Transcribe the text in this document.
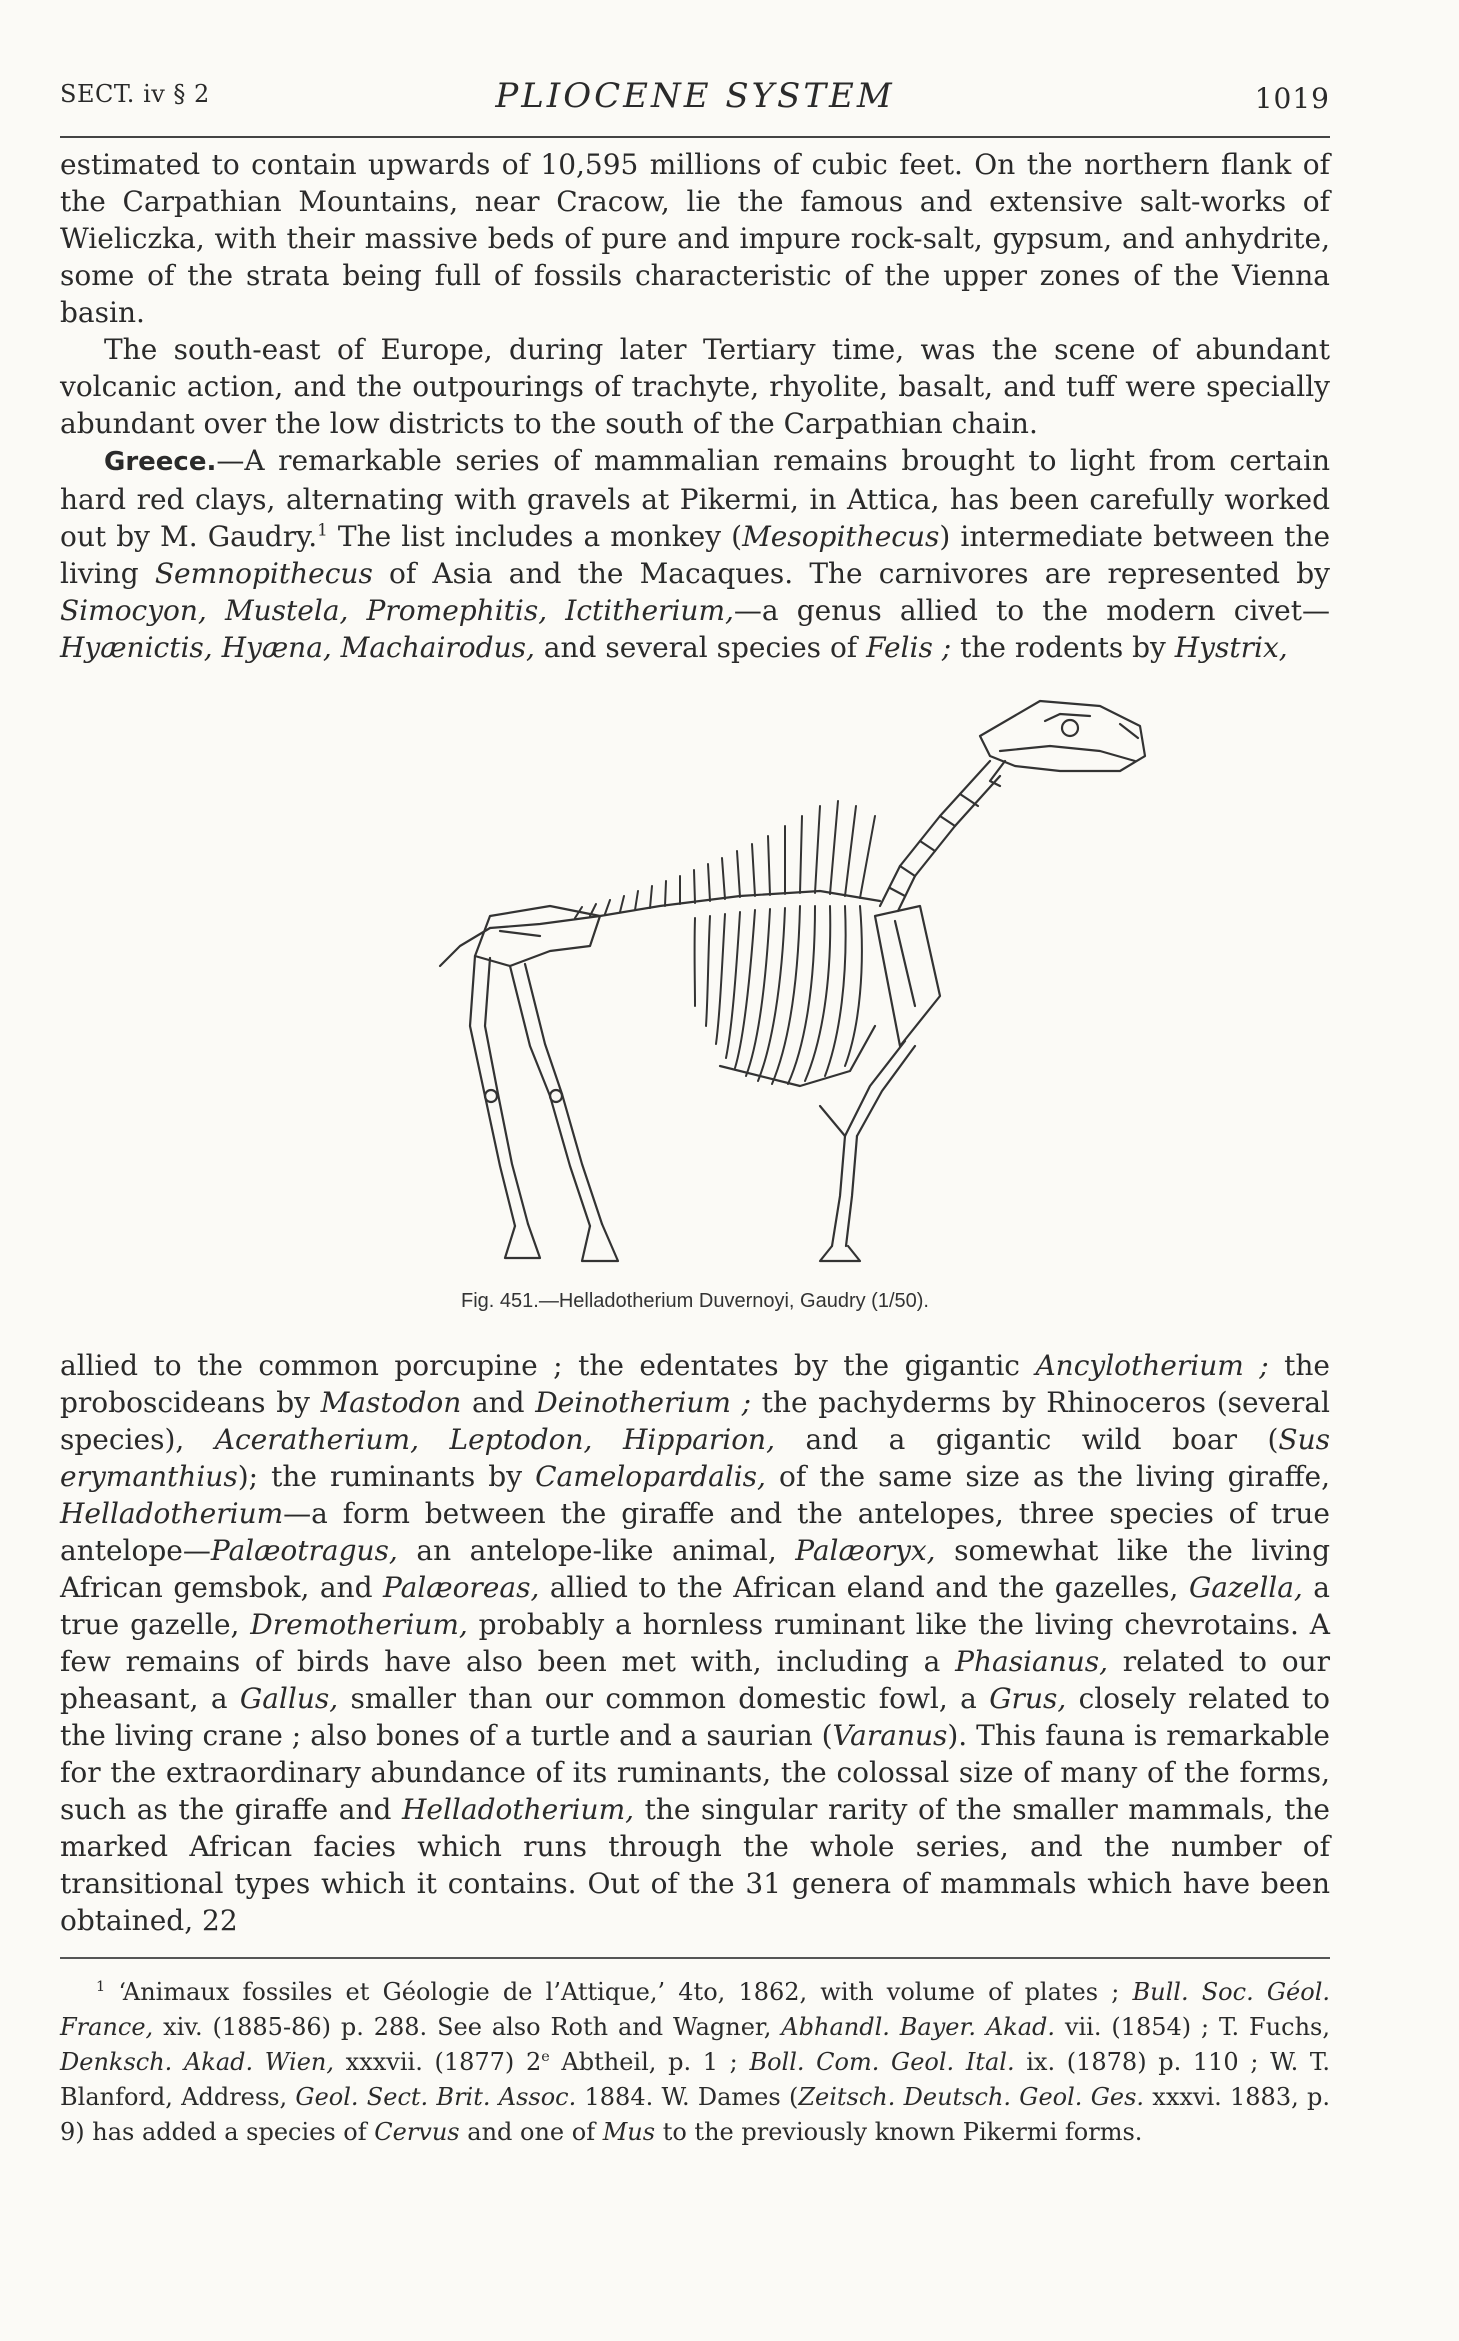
SECT. iv § 2	PLIOCENE SYSTEM	1019

estimated to contain upwards of 10,595 millions of cubic feet. On the northern flank of the Carpathian Mountains, near Cracow, lie the famous and extensive salt-works of Wieliczka, with their massive beds of pure and impure rock-salt, gypsum, and anhydrite, some of the strata being full of fossils characteristic of the upper zones of the Vienna basin.

The south-east of Europe, during later Tertiary time, was the scene of abundant volcanic action, and the outpourings of trachyte, rhyolite, basalt, and tuff were specially abundant over the low districts to the south of the Carpathian chain.

Greece.—A remarkable series of mammalian remains brought to light from certain hard red clays, alternating with gravels at Pikermi, in Attica, has been carefully worked out by M. Gaudry.$^1$ The list includes a monkey (Mesopithecus) intermediate between the living Semnopithecus of Asia and the Macaques. The carnivores are represented by Simocyon, Mustela, Promephitis, Ictitherium,—a genus allied to the modern civet—Hyænictis, Hyæna, Machairodus, and several species of Felis ; the rodents by Hystrix,

Fig. 451.—Helladotherium Duvernoyi, Gaudry (1/50).

allied to the common porcupine ; the edentates by the gigantic Ancylotherium ; the proboscideans by Mastodon and Deinotherium ; the pachyderms by Rhinoceros (several species), Aceratherium, Leptodon, Hipparion, and a gigantic wild boar (Sus erymanthius); the ruminants by Camelopardalis, of the same size as the living giraffe, Helladotherium—a form between the giraffe and the antelopes, three species of true antelope—Palæotragus, an antelope-like animal, Palæoryx, somewhat like the living African gemsbok, and Palæoreas, allied to the African eland and the gazelles, Gazella, a true gazelle, Dremotherium, probably a hornless ruminant like the living chevrotains. A few remains of birds have also been met with, including a Phasianus, related to our pheasant, a Gallus, smaller than our common domestic fowl, a Grus, closely related to the living crane ; also bones of a turtle and a saurian (Varanus). This fauna is remarkable for the extraordinary abundance of its ruminants, the colossal size of many of the forms, such as the giraffe and Helladotherium, the singular rarity of the smaller mammals, the marked African facies which runs through the whole series, and the number of transitional types which it contains. Out of the 31 genera of mammals which have been obtained, 22

$^1$ ‘Animaux fossiles et Géologie de l’Attique,’ 4to, 1862, with volume of plates ; Bull. Soc. Géol. France, xiv. (1885-86) p. 288. See also Roth and Wagner, Abhandl. Bayer. Akad. vii. (1854) ; T. Fuchs, Denksch. Akad. Wien, xxxvii. (1877) 2e Abtheil, p. 1 ; Boll. Com. Geol. Ital. ix. (1878) p. 110 ; W. T. Blanford, Address, Geol. Sect. Brit. Assoc. 1884. W. Dames (Zeitsch. Deutsch. Geol. Ges. xxxvi. 1883, p. 9) has added a species of Cervus and one of Mus to the previously known Pikermi forms.
